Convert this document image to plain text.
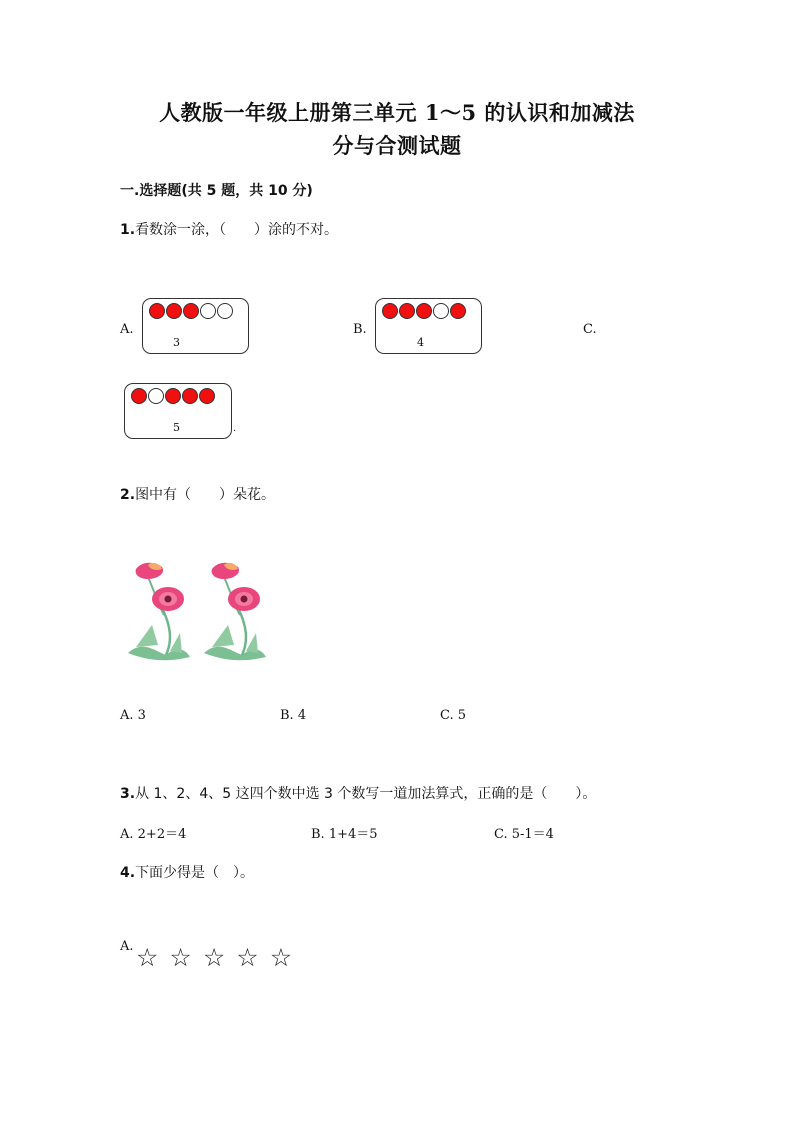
人教版一年级上册第三单元 1～5 的认识和加减法
分与合测试题
一.选择题(共 5 题，共 10 分)
1.看数涂一涂，（　　）涂的不对。
A.
3
B.
4
C.
5	.
2.图中有（　　）朵花。
A. 3	B. 4	C. 5
3.从 1、2、4、5 这四个数中选 3 个数写一道加法算式，正确的是（　　）。
A. 2+2＝4	B. 1+4＝5	C. 5-1＝4
4.下面少得是（　）。
A. ☆ ☆ ☆ ☆ ☆
